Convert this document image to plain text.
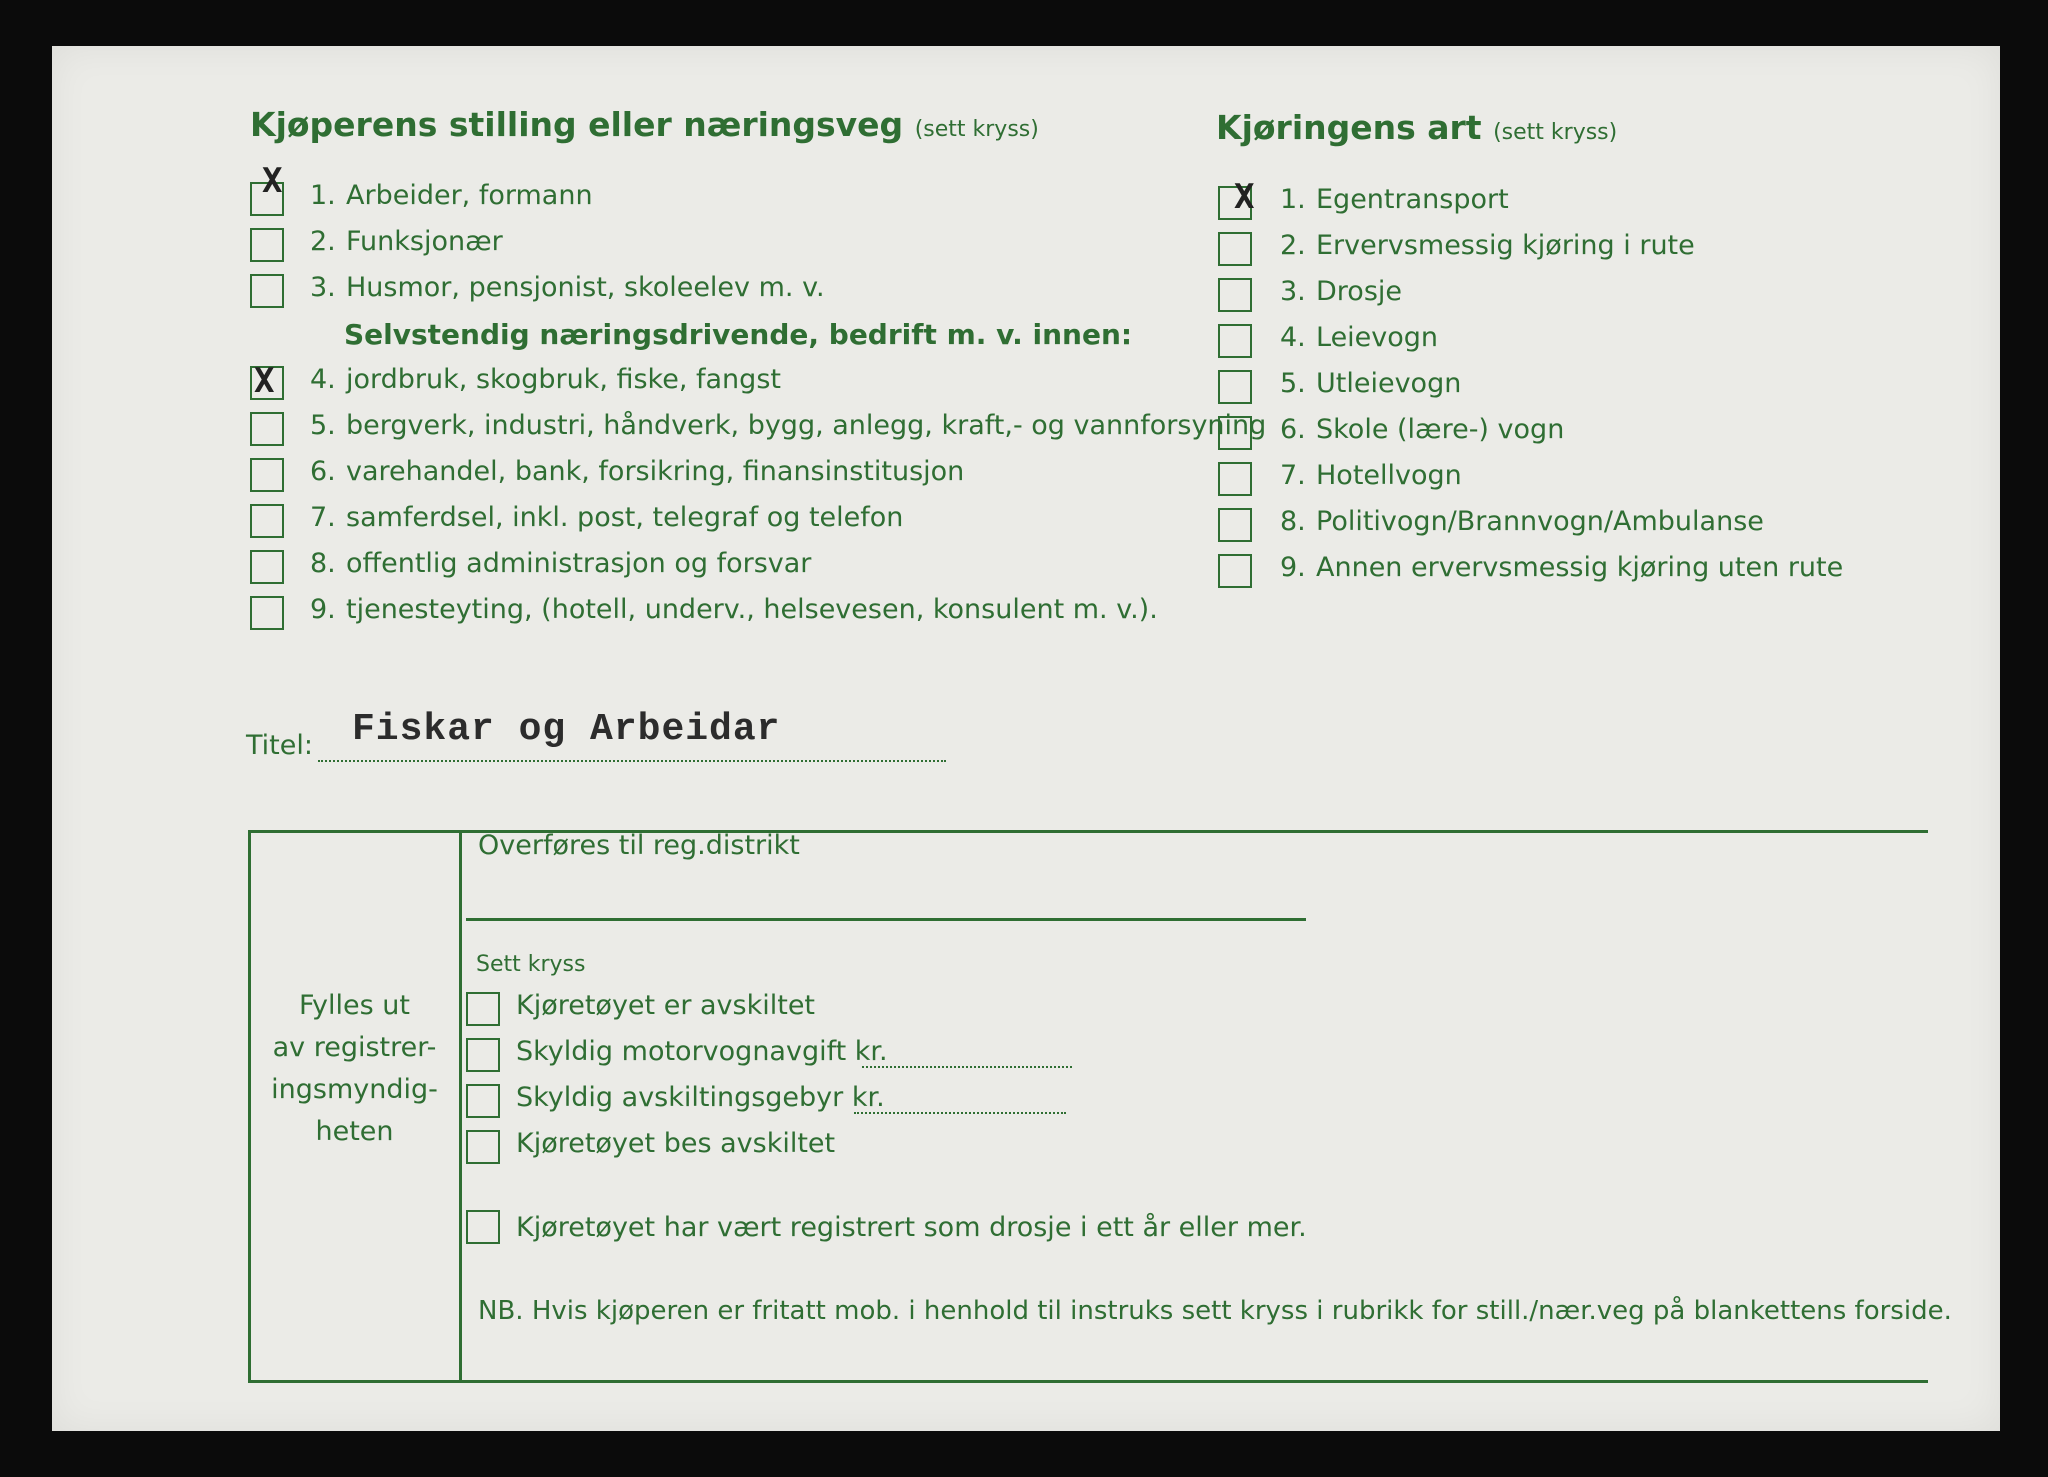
Kjøperens stilling eller næringsveg (sett kryss)
X 1. Arbeider, formann
2. Funksjonær
3. Husmor, pensjonist, skoleelev m. v.
X 4. jordbruk, skogbruk, fiske, fangst
5. bergverk, industri, håndverk, bygg, anlegg, kraft,- og vannforsyning
6. varehandel, bank, forsikring, finansinstitusjon
7. samferdsel, inkl. post, telegraf og telefon
8. offentlig administrasjon og forsvar
9. tjenesteyting, (hotell, underv., helsevesen, konsulent m. v.).
Selvstendig næringsdrivende, bedrift m. v. innen:
Kjøringens art (sett kryss)
X 1. Egentransport
2. Ervervsmessig kjøring i rute
3. Drosje
4. Leievogn
5. Utleievogn
6. Skole (lære-) vogn
7. Hotellvogn
8. Politivogn/Brannvogn/Ambulanse
9. Annen ervervsmessig kjøring uten rute
Titel: Fiskar og Arbeidar
Fylles ut
av registrer-
ingsmyndig-
heten
Overføres til reg.distrikt
Sett kryss
Kjøretøyet er avskiltet
Skyldig motorvognavgift kr.
Skyldig avskiltingsgebyr kr.
Kjøretøyet bes avskiltet
Kjøretøyet har vært registrert som drosje i ett år eller mer.
NB. Hvis kjøperen er fritatt mob. i henhold til instruks sett kryss i rubrikk for still./nær.veg på blankettens forside.
